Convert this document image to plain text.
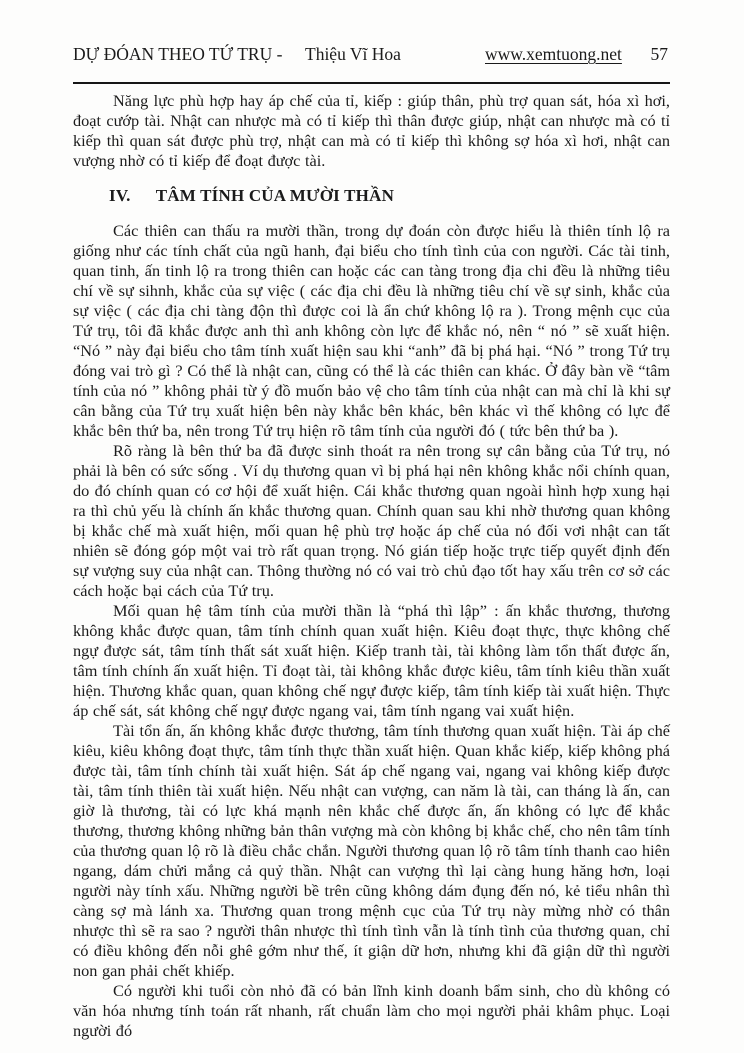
DỰ ĐÓAN THEO TỨ TRỤ - Thiệu Vĩ Hoa	www.xemtuong.net 57

Năng lực phù hợp hay áp chế của tỉ, kiếp : giúp thân, phù trợ quan sát, hóa xì hơi, đoạt cướp tài. Nhật can nhược mà có tỉ kiếp thì thân được giúp, nhật can nhược mà có tỉ kiếp thì quan sát được phù trợ, nhật can mà có tỉ kiếp thì không sợ hóa xì hơi, nhật can vượng nhờ có tỉ kiếp để đoạt được tài.

IV. TÂM TÍNH CỦA MƯỜI THẦN

Các thiên can thấu ra mười thần, trong dự đoán còn được hiểu là thiên tính lộ ra giống như các tính chất của ngũ hanh, đại biểu cho tính tình của con người. Các tài tinh, quan tinh, ấn tinh lộ ra trong thiên can hoặc các can tàng trong địa chi đều là những tiêu chí về sự sihnh, khắc của sự việc ( các địa chi đều là những tiêu chí về sự sinh, khắc của sự việc ( các địa chi tàng độn thì được coi là ẩn chứ không lộ ra ). Trong mệnh cục của Tứ trụ, tôi đã khắc được anh thì anh không còn lực để khắc nó, nên “ nó ” sẽ xuất hiện. “Nó ” này đại biểu cho tâm tính xuất hiện sau khi “anh” đã bị phá hại. “Nó ” trong Tứ trụ đóng vai trò gì ? Có thể là nhật can, cũng có thể là các thiên can khác. Ở đây bàn về “tâm tính của nó ” không phải từ ý đồ muốn bảo vệ cho tâm tính của nhật can mà chỉ là khi sự cân bằng của Tứ trụ xuất hiện bên này khắc bên khác, bên khác vì thế không có lực để khắc bên thứ ba, nên trong Tứ trụ hiện rõ tâm tính của người đó ( tức bên thứ ba ).

Rõ ràng là bên thứ ba đã được sinh thoát ra nên trong sự cân bằng của Tứ trụ, nó phải là bên có sức sống . Ví dụ thương quan vì bị phá hại nên không khắc nổi chính quan, do đó chính quan có cơ hội để xuất hiện. Cái khắc thương quan ngoài hình hợp xung hại ra thì chủ yếu là chính ấn khắc thương quan. Chính quan sau khi nhờ thương quan không bị khắc chế mà xuất hiện, mối quan hệ phù trợ hoặc áp chế của nó đối vơi nhật can tất nhiên sẽ đóng góp một vai trò rất quan trọng. Nó gián tiếp hoặc trực tiếp quyết định đến sự vượng suy của nhật can. Thông thường nó có vai trò chủ đạo tốt hay xấu trên cơ sở các cách hoặc bại cách của Tứ trụ.

Mối quan hệ tâm tính của mười thần là “phá thì lập” : ấn khắc thương, thương không khắc được quan, tâm tính chính quan xuất hiện. Kiêu đoạt thực, thực không chế ngự được sát, tâm tính thất sát xuất hiện. Kiếp tranh tài, tài không làm tổn thất được ấn, tâm tính chính ấn xuất hiện. Tỉ đoạt tài, tài không khắc được kiêu, tâm tính kiêu thần xuất hiện. Thương khắc quan, quan không chế ngự được kiếp, tâm tính kiếp tài xuất hiện. Thực áp chế sát, sát không chế ngự được ngang vai, tâm tính ngang vai xuất hiện.

Tài tổn ấn, ấn không khắc được thương, tâm tính thương quan xuất hiện. Tài áp chế kiêu, kiêu không đoạt thực, tâm tính thực thần xuất hiện. Quan khắc kiếp, kiếp không phá được tài, tâm tính chính tài xuất hiện. Sát áp chế ngang vai, ngang vai không kiếp được tài, tâm tính thiên tài xuất hiện. Nếu nhật can vượng, can năm là tài, can tháng là ấn, can giờ là thương, tài có lực khá mạnh nên khắc chế được ấn, ấn không có lực để khắc thương, thương không những bản thân vượng mà còn không bị khắc chế, cho nên tâm tính của thương quan lộ rõ là điều chắc chắn. Người thương quan lộ rõ tâm tính thanh cao hiên ngang, dám chửi mắng cả quỷ thần. Nhật can vượng thì lại càng hung hăng hơn, loại người này tính xấu. Những người bề trên cũng không dám đụng đến nó, kẻ tiểu nhân thì càng sợ mà lánh xa. Thương quan trong mệnh cục của Tứ trụ này mừng nhờ có thân nhược thì sẽ ra sao ? người thân nhược thì tính tình vẫn là tính tình của thương quan, chỉ có điều không đến nỗi ghê gớm như thế, ít giận dữ hơn, nhưng khi đã giận dữ thì người non gan phải chết khiếp.

Có người khi tuổi còn nhỏ đã có bản lĩnh kinh doanh bẩm sinh, cho dù không có văn hóa nhưng tính toán rất nhanh, rất chuẩn làm cho mọi người phải khâm phục. Loại người đó
